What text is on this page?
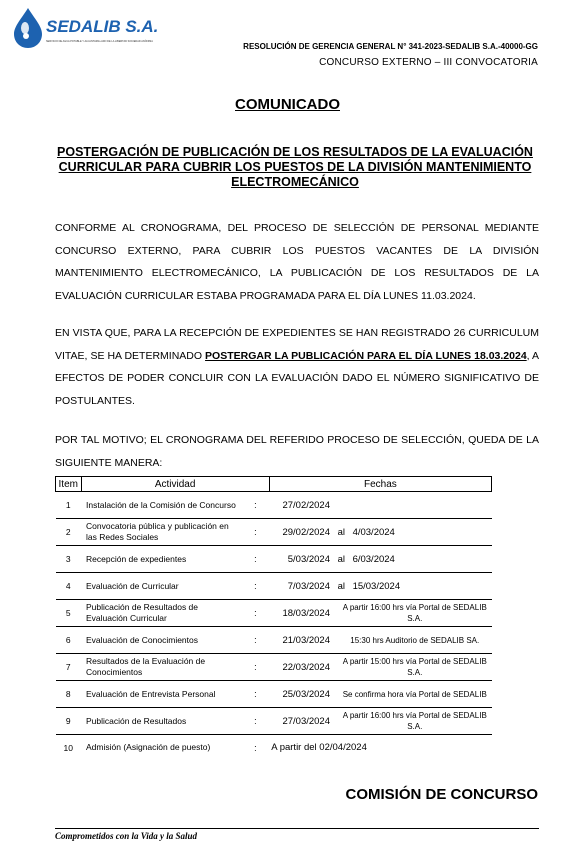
SEDALIB S.A.
SERVICIO DE AGUA POTABLE Y ALCANTARILLADO DE LA LIBERTAD SOCIEDAD ANÓNIMA
RESOLUCIÓN DE GERENCIA GENERAL N° 341-2023-SEDALIB S.A.-40000-GG
CONCURSO EXTERNO – III CONVOCATORIA
COMUNICADO
POSTERGACIÓN DE PUBLICACIÓN DE LOS RESULTADOS DE LA EVALUACIÓN CURRICULAR PARA CUBRIR LOS PUESTOS DE LA DIVISIÓN MANTENIMIENTO ELECTROMECÁNICO
CONFORME AL CRONOGRAMA, DEL PROCESO DE SELECCIÓN DE PERSONAL MEDIANTE CONCURSO EXTERNO, PARA CUBRIR LOS PUESTOS VACANTES DE LA DIVISIÓN MANTENIMIENTO ELECTROMECÁNICO, LA PUBLICACIÓN DE LOS RESULTADOS DE LA EVALUACIÓN CURRICULAR ESTABA PROGRAMADA PARA EL DÍA LUNES 11.03.2024.
EN VISTA QUE, PARA LA RECEPCIÓN DE EXPEDIENTES SE HAN REGISTRADO 26 CURRICULUM VITAE, SE HA DETERMINADO POSTERGAR LA PUBLICACIÓN PARA EL DÍA LUNES 18.03.2024, A EFECTOS DE PODER CONCLUIR CON LA EVALUACIÓN DADO EL NÚMERO SIGNIFICATIVO DE POSTULANTES.
POR TAL MOTIVO; EL CRONOGRAMA DEL REFERIDO PROCESO DE SELECCIÓN, QUEDA DE LA SIGUIENTE MANERA:
Item	Actividad		Fechas			
1	Instalación de la Comisión de Concurso	:	27/02/2024			
2	Convocatoria pública y publicación en las Redes Sociales	:	29/02/2024	al	4/03/2024	
3	Recepción de expedientes	:	5/03/2024	al	6/03/2024	
4	Evaluación de Curricular	:	7/03/2024	al	15/03/2024	
5	Publicación de Resultados de Evaluación Curricular	:	18/03/2024	A partir 16:00 hrs vía Portal de SEDALIB S.A.		
6	Evaluación de Conocimientos	:	21/03/2024	15:30 hrs Auditorio de SEDALIB SA.		
7	Resultados de la Evaluación de Conocimientos	:	22/03/2024	A partir 15:00 hrs vía Portal de SEDALIB S.A.		
8	Evaluación de Entrevista Personal	:	25/03/2024	Se confirma hora vía Portal de SEDALIB		
9	Publicación de Resultados	:	27/03/2024	A partir 16:00 hrs vía Portal de SEDALIB S.A.		
10	Admisión (Asignación de puesto)	:	A partir del 02/04/2024			
COMISIÓN DE CONCURSO
Comprometidos con la Vida y la Salud
